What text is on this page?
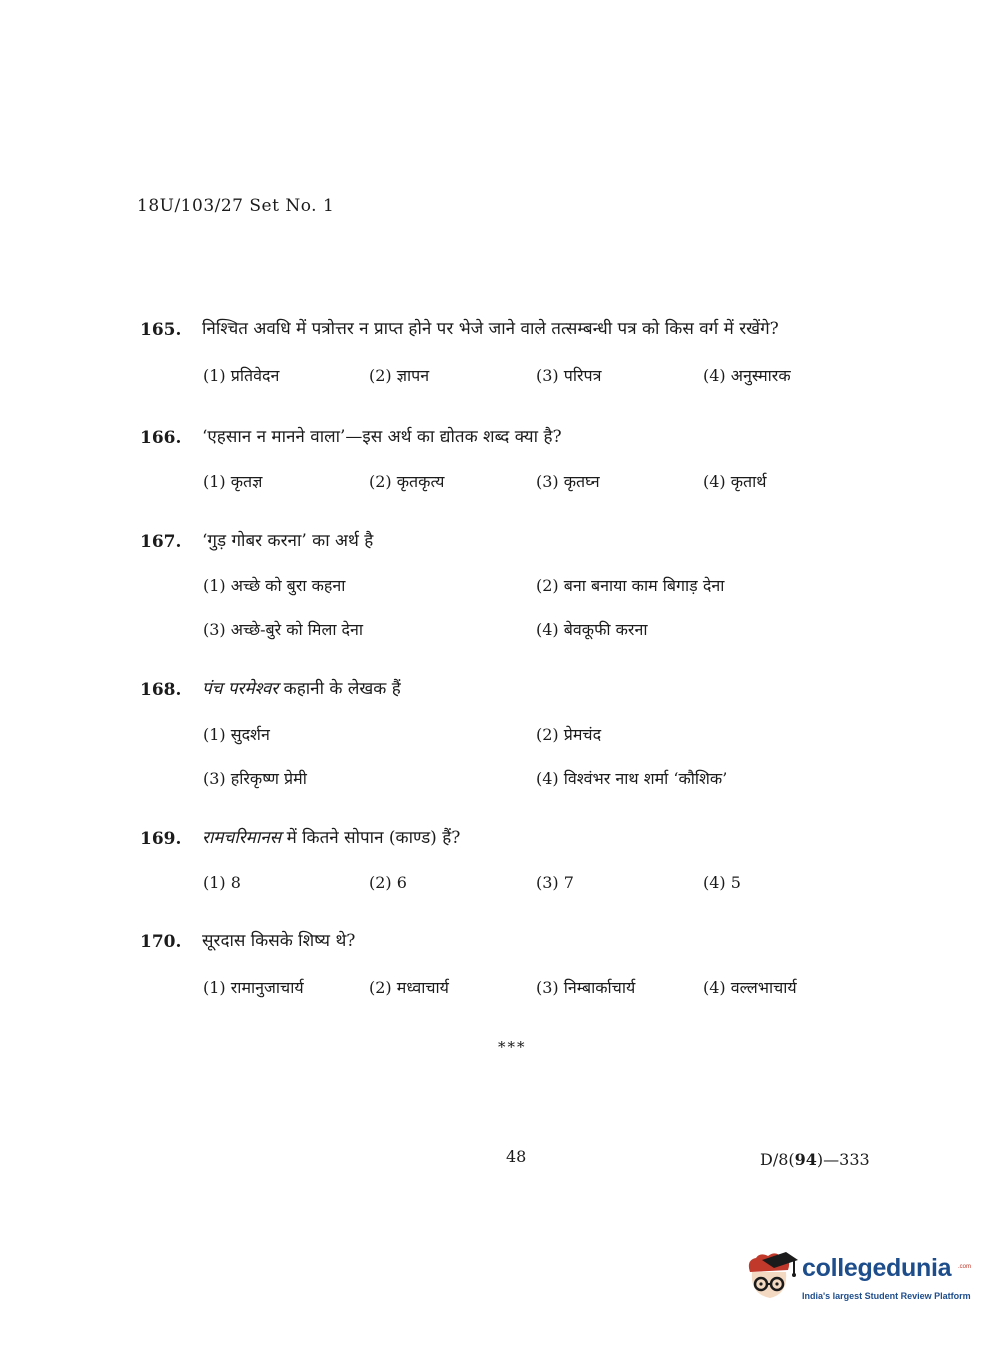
18U/103/27 Set No. 1
165. निश्चित अवधि में पत्रोत्तर न प्राप्त होने पर भेजे जाने वाले तत्सम्बन्धी पत्र को किस वर्ग में रखेंगे?
(1) प्रतिवेदन	(2) ज्ञापन	(3) परिपत्र	(4) अनुस्मारक
166. ‘एहसान न मानने वाला’—इस अर्थ का द्योतक शब्द क्या है?
(1) कृतज्ञ	(2) कृतकृत्य	(3) कृतघ्न	(4) कृतार्थ
167. ‘गुड़ गोबर करना’ का अर्थ है
(1) अच्छे को बुरा कहना	(2) बना बनाया काम बिगाड़ देना
(3) अच्छे-बुरे को मिला देना	(4) बेवकूफी करना
168. पंच परमेश्वर कहानी के लेखक हैं
(1) सुदर्शन	(2) प्रेमचंद
(3) हरिकृष्ण प्रेमी	(4) विश्वंभर नाथ शर्मा ‘कौशिक’
169. रामचरिमानस में कितने सोपान (काण्ड) हैं?
(1) 8	(2) 6	(3) 7	(4) 5
170. सूरदास किसके शिष्य थे?
(1) रामानुजाचार्य	(2) मध्वाचार्य	(3) निम्बार्काचार्य	(4) वल्लभाचार्य
***
48	D/8(94)—333
collegedunia .com
India's largest Student Review Platform
